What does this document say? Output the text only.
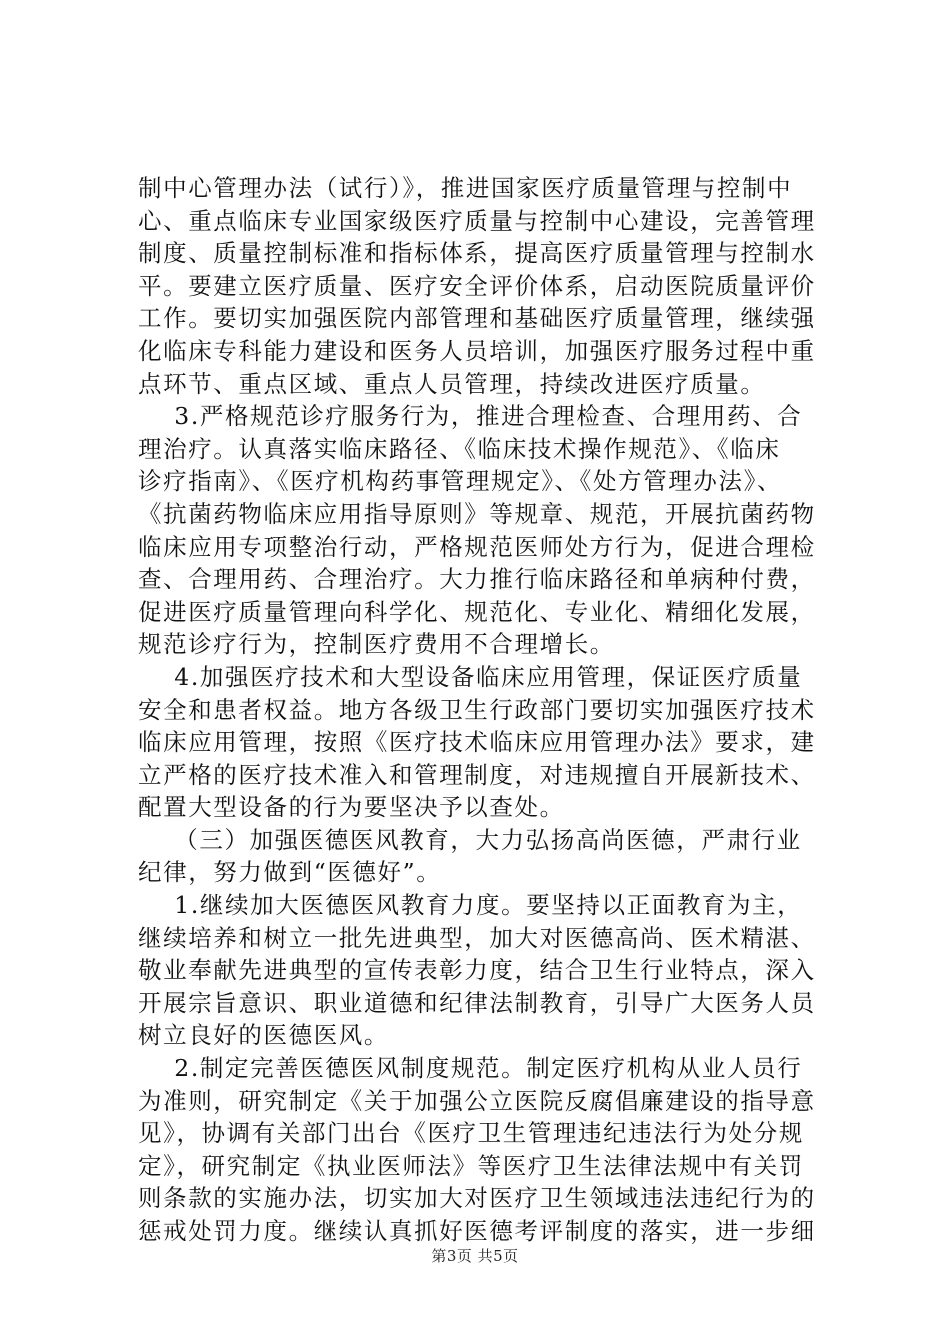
制中心管理办法（试行）》，推进国家医疗质量管理与控制中
心、重点临床专业国家级医疗质量与控制中心建设，完善管理
制度、质量控制标准和指标体系，提高医疗质量管理与控制水
平。要建立医疗质量、医疗安全评价体系，启动医院质量评价
工作。要切实加强医院内部管理和基础医疗质量管理，继续强
化临床专科能力建设和医务人员培训，加强医疗服务过程中重
点环节、重点区域、重点人员管理，持续改进医疗质量。
3.严格规范诊疗服务行为，推进合理检查、合理用药、合
理治疗。认真落实临床路径、《临床技术操作规范》、《临床
诊疗指南》、《医疗机构药事管理规定》、《处方管理办法》、
《抗菌药物临床应用指导原则》等规章、规范，开展抗菌药物
临床应用专项整治行动，严格规范医师处方行为，促进合理检
查、合理用药、合理治疗。大力推行临床路径和单病种付费，
促进医疗质量管理向科学化、规范化、专业化、精细化发展，
规范诊疗行为，控制医疗费用不合理增长。
4.加强医疗技术和大型设备临床应用管理，保证医疗质量
安全和患者权益。地方各级卫生行政部门要切实加强医疗技术
临床应用管理，按照《医疗技术临床应用管理办法》要求，建
立严格的医疗技术准入和管理制度，对违规擅自开展新技术、
配置大型设备的行为要坚决予以查处。
（三）加强医德医风教育，大力弘扬高尚医德，严肃行业
纪律，努力做到“医德好”。
1.继续加大医德医风教育力度。要坚持以正面教育为主，
继续培养和树立一批先进典型，加大对医德高尚、医术精湛、
敬业奉献先进典型的宣传表彰力度，结合卫生行业特点，深入
开展宗旨意识、职业道德和纪律法制教育，引导广大医务人员
树立良好的医德医风。
2.制定完善医德医风制度规范。制定医疗机构从业人员行
为准则，研究制定《关于加强公立医院反腐倡廉建设的指导意
见》，协调有关部门出台《医疗卫生管理违纪违法行为处分规
定》，研究制定《执业医师法》等医疗卫生法律法规中有关罚
则条款的实施办法，切实加大对医疗卫生领域违法违纪行为的
惩戒处罚力度。继续认真抓好医德考评制度的落实，进一步细
第3页 共5页
